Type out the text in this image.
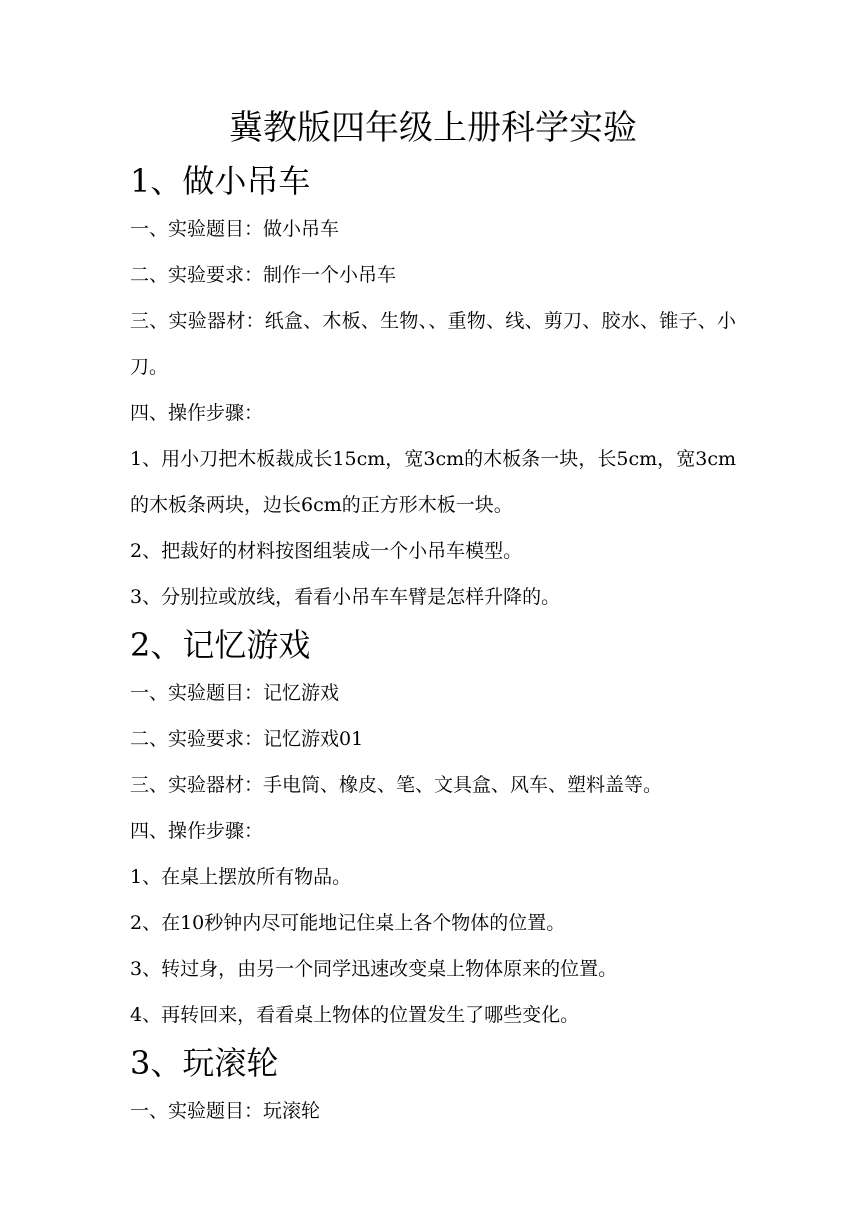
冀教版四年级上册科学实验
1、做小吊车

一、实验题目：做小吊车

二、实验要求：制作一个小吊车

三、实验器材：纸盒、木板、生物、、重物、线、剪刀、胶水、锥子、小刀。

四、操作步骤：

1、用小刀把木板裁成长15cm，宽3cm的木板条一块，长5cm，宽3cm的木板条两块，边长6cm的正方形木板一块。

2、把裁好的材料按图组装成一个小吊车模型。

3、分别拉或放线，看看小吊车车臂是怎样升降的。

2、记忆游戏

一、实验题目：记忆游戏

二、实验要求：记忆游戏01

三、实验器材：手电筒、橡皮、笔、文具盒、风车、塑料盖等。

四、操作步骤：

1、在桌上摆放所有物品。

2、在10秒钟内尽可能地记住桌上各个物体的位置。

3、转过身，由另一个同学迅速改变桌上物体原来的位置。

4、再转回来，看看桌上物体的位置发生了哪些变化。

3、玩滚轮

一、实验题目：玩滚轮
